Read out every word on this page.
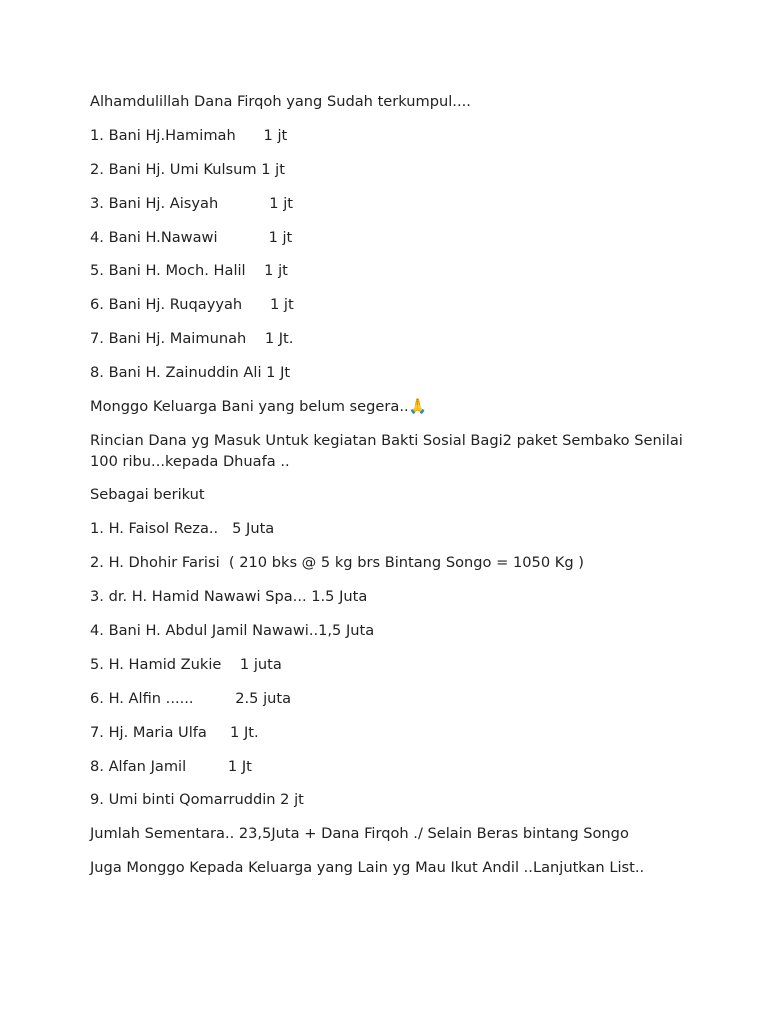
Alhamdulillah Dana Firqoh yang Sudah terkumpul....

1. Bani Hj.Hamimah      1 jt

2. Bani Hj. Umi Kulsum 1 jt

3. Bani Hj. Aisyah           1 jt

4. Bani H.Nawawi           1 jt

5. Bani H. Moch. Halil    1 jt

6. Bani Hj. Ruqayyah      1 jt

7. Bani Hj. Maimunah    1 Jt.

8. Bani H. Zainuddin Ali 1 Jt

Monggo Keluarga Bani yang belum segera..🙏

Rincian Dana yg Masuk Untuk kegiatan Bakti Sosial Bagi2 paket Sembako Senilai 100 ribu...kepada Dhuafa ..

Sebagai berikut

1. H. Faisol Reza..   5 Juta

2. H. Dhohir Farisi  ( 210 bks @ 5 kg brs Bintang Songo = 1050 Kg )

3. dr. H. Hamid Nawawi Spa... 1.5 Juta

4. Bani H. Abdul Jamil Nawawi..1,5 Juta

5. H. Hamid Zukie    1 juta

6. H. Alfin ......         2.5 juta

7. Hj. Maria Ulfa     1 Jt.

8. Alfan Jamil         1 Jt

9. Umi binti Qomarruddin 2 jt

Jumlah Sementara.. 23,5Juta + Dana Firqoh ./ Selain Beras bintang Songo

Juga Monggo Kepada Keluarga yang Lain yg Mau Ikut Andil ..Lanjutkan List..
